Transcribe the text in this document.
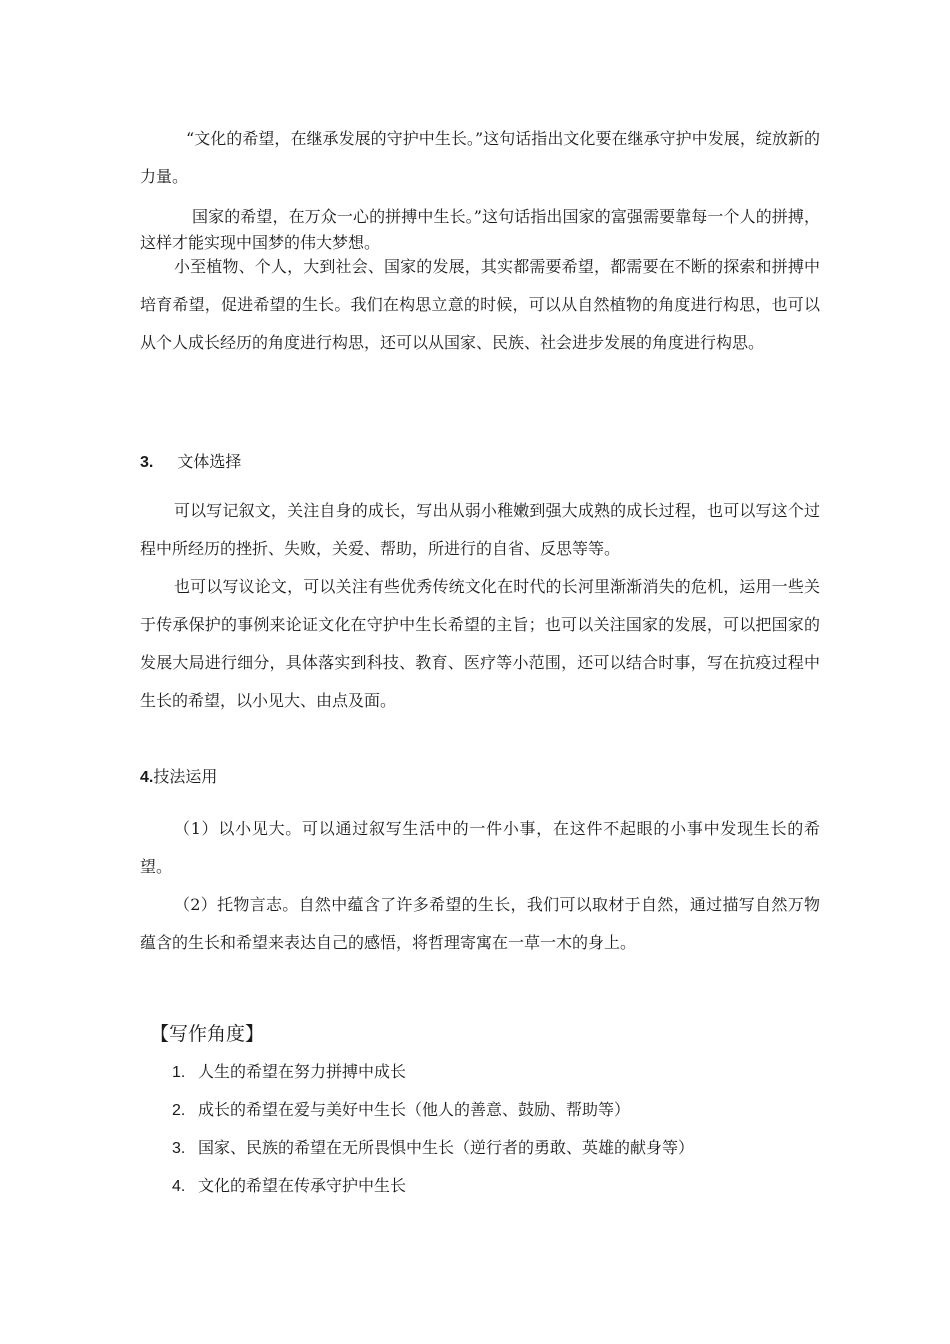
“文化的希望，在继承发展的守护中生长。”这句话指出文化要在继承守护中发展，绽放新的力量。
国家的希望，在万众一心的拼搏中生长。”这句话指出国家的富强需要靠每一个人的拼搏，这样才能实现中国梦的伟大梦想。
小至植物、个人，大到社会、国家的发展，其实都需要希望，都需要在不断的探索和拼搏中培育希望，促进希望的生长。我们在构思立意的时候，可以从自然植物的角度进行构思，也可以从个人成长经历的角度进行构思，还可以从国家、民族、社会进步发展的角度进行构思。
3. 文体选择
可以写记叙文，关注自身的成长，写出从弱小稚嫩到强大成熟的成长过程，也可以写这个过程中所经历的挫折、失败，关爱、帮助，所进行的自省、反思等等。
也可以写议论文，可以关注有些优秀传统文化在时代的长河里渐渐消失的危机，运用一些关于传承保护的事例来论证文化在守护中生长希望的主旨；也可以关注国家的发展，可以把国家的发展大局进行细分，具体落实到科技、教育、医疗等小范围，还可以结合时事，写在抗疫过程中生长的希望，以小见大、由点及面。
4.技法运用
（1）以小见大。可以通过叙写生活中的一件小事，在这件不起眼的小事中发现生长的希望。
（2）托物言志。自然中蕴含了许多希望的生长，我们可以取材于自然，通过描写自然万物蕴含的生长和希望来表达自己的感悟，将哲理寄寓在一草一木的身上。
【写作角度】
1. 人生的希望在努力拼搏中成长
2. 成长的希望在爱与美好中生长（他人的善意、鼓励、帮助等）
3. 国家、民族的希望在无所畏惧中生长（逆行者的勇敢、英雄的献身等）
4. 文化的希望在传承守护中生长
